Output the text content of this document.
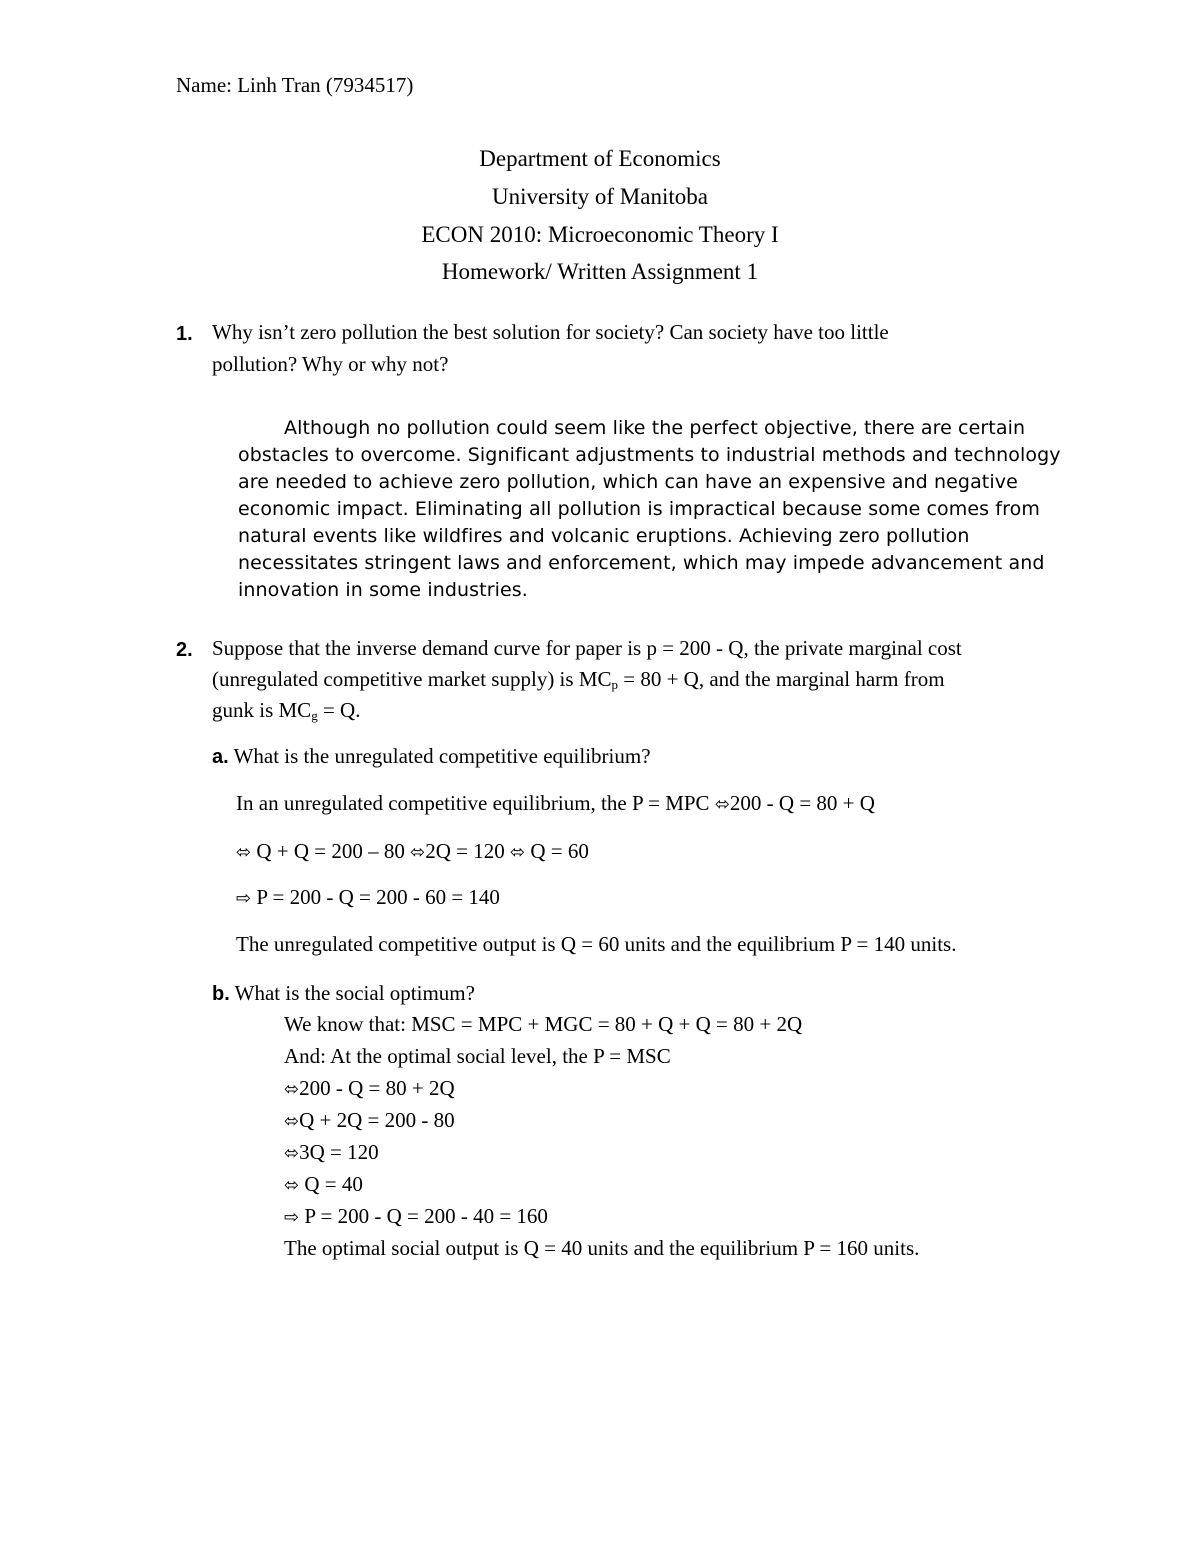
Name: Linh Tran (7934517)

Department of Economics

University of Manitoba

ECON 2010: Microeconomic Theory I

Homework/ Written Assignment 1

1. Why isn’t zero pollution the best solution for society? Can society have too little

pollution? Why or why not?

Although no pollution could seem like the perfect objective, there are certain

obstacles to overcome. Significant adjustments to industrial methods and technology

are needed to achieve zero pollution, which can have an expensive and negative

economic impact. Eliminating all pollution is impractical because some comes from

natural events like wildfires and volcanic eruptions. Achieving zero pollution

necessitates stringent laws and enforcement, which may impede advancement and

innovation in some industries.

2. Suppose that the inverse demand curve for paper is p = 200 - Q, the private marginal cost

(unregulated competitive market supply) is $MC_p = 80 + Q$, and the marginal harm from

gunk is $MC_g = Q$.

a. What is the unregulated competitive equilibrium?

In an unregulated competitive equilibrium, the P = MPC ⬄200 - Q = 80 + Q

⬄ Q + Q = 200 – 80 ⬄2Q = 120 ⬄ Q = 60

⇨ P = 200 - Q = 200 - 60 = 140

The unregulated competitive output is Q = 60 units and the equilibrium P = 140 units.

b. What is the social optimum?

We know that: MSC = MPC + MGC = 80 + Q + Q = 80 + 2Q

And: At the optimal social level, the P = MSC

⬄200 - Q = 80 + 2Q

⬄Q + 2Q = 200 - 80

⬄3Q = 120

⬄ Q = 40

⇨ P = 200 - Q = 200 - 40 = 160

The optimal social output is Q = 40 units and the equilibrium P = 160 units.
